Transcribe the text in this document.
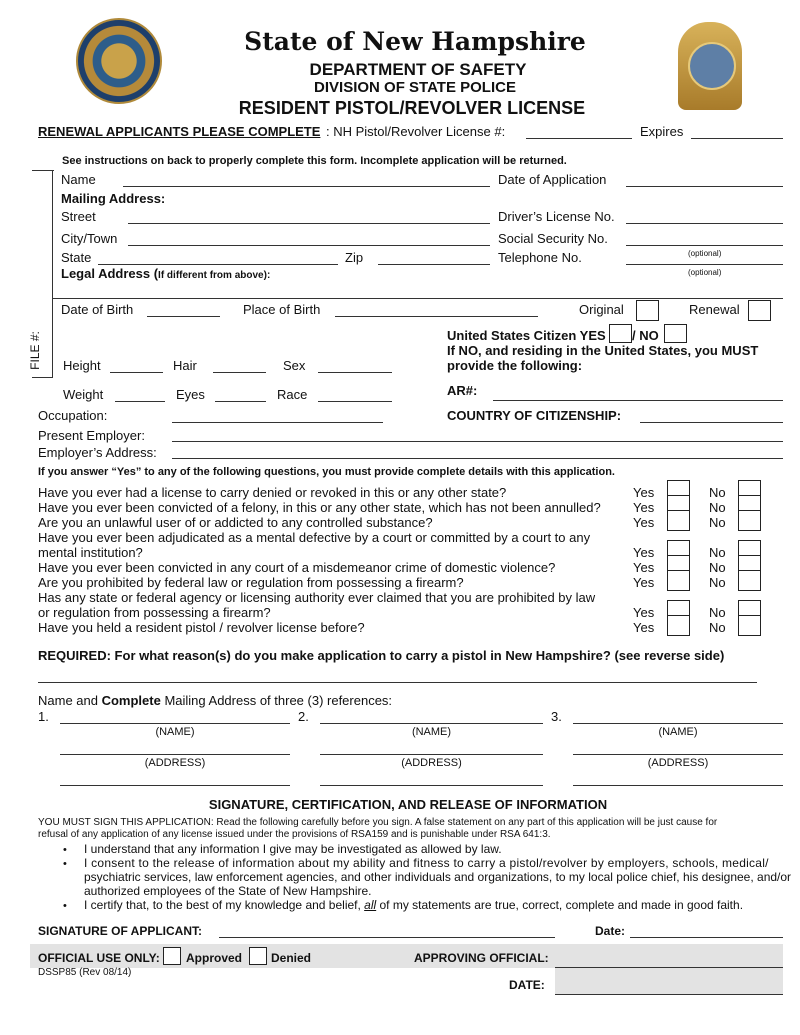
State of New Hampshire
DEPARTMENT OF SAFETY
DIVISION OF STATE POLICE
RESIDENT PISTOL/REVOLVER LICENSE
RENEWAL APPLICANTS PLEASE COMPLETE : NH Pistol/Revolver License #:	Expires
See instructions on back to properly complete this form. Incomplete application will be returned.
FILE #:
Name	Date of Application
Mailing Address:
Street	Driver’s License No.
City/Town	Social Security No.
(optional)
State	Zip	Telephone No.
(optional)
Legal Address (If different from above):
Date of Birth	Place of Birth	Original	Renewal
United States Citizen YES / NO
If NO, and residing in the United States, you MUST
provide the following:
Height	Hair	Sex
Weight	Eyes	Race	AR#:
Occupation:	COUNTRY OF CITIZENSHIP:
Present Employer:
Employer’s Address:
If you answer “Yes” to any of the following questions, you must provide complete details with this application.
REQUIRED: For what reason(s) do you make application to carry a pistol in New Hampshire? (see reverse side)
Name and Complete Mailing Address of three (3) references:
SIGNATURE, CERTIFICATION, AND RELEASE OF INFORMATION
YOU MUST SIGN THIS APPLICATION: Read the following carefully before you sign. A false statement on any part of this application will be just cause for
refusal of any application of any license issued under the provisions of RSA159 and is punishable under RSA 641:3.
• I understand that any information I give may be investigated as allowed by law.
• I consent to the release of information about my ability and fitness to carry a pistol/revolver by employers, schools, medical/
psychiatric services, law enforcement agencies, and other individuals and organizations, to my local police chief, his designee, and/or
authorized employees of the State of New Hampshire.
• I certify that, to the best of my knowledge and belief, all of my statements are true, correct, complete and made in good faith.
SIGNATURE OF APPLICANT:	Date:
OFFICIAL USE ONLY: Approved Denied	APPROVING OFFICIAL:
DSSP85 (Rev 08/14)
DATE:
Have you ever had a license to carry denied or revoked in this or any other state?	Yes	No
Have you ever been convicted of a felony, in this or any other state, which has not been annulled? Yes	No
Are you an unlawful user of or addicted to any controlled substance?	Yes	No
Have you ever been adjudicated as a mental defective by a court or committed by a court to any
mental institution?	Yes	No
Have you ever been convicted in any court of a misdemeanor crime of domestic violence?	Yes	No
Are you prohibited by federal law or regulation from possessing a firearm?	Yes	No
Has any state or federal agency or licensing authority ever claimed that you are prohibited by law
or regulation from possessing a firearm?	Yes	No
Have you held a resident pistol / revolver license before?	Yes	No
1.
(NAME)
(ADDRESS)
2.
(NAME)
(ADDRESS)
3.
(NAME)
(ADDRESS)
